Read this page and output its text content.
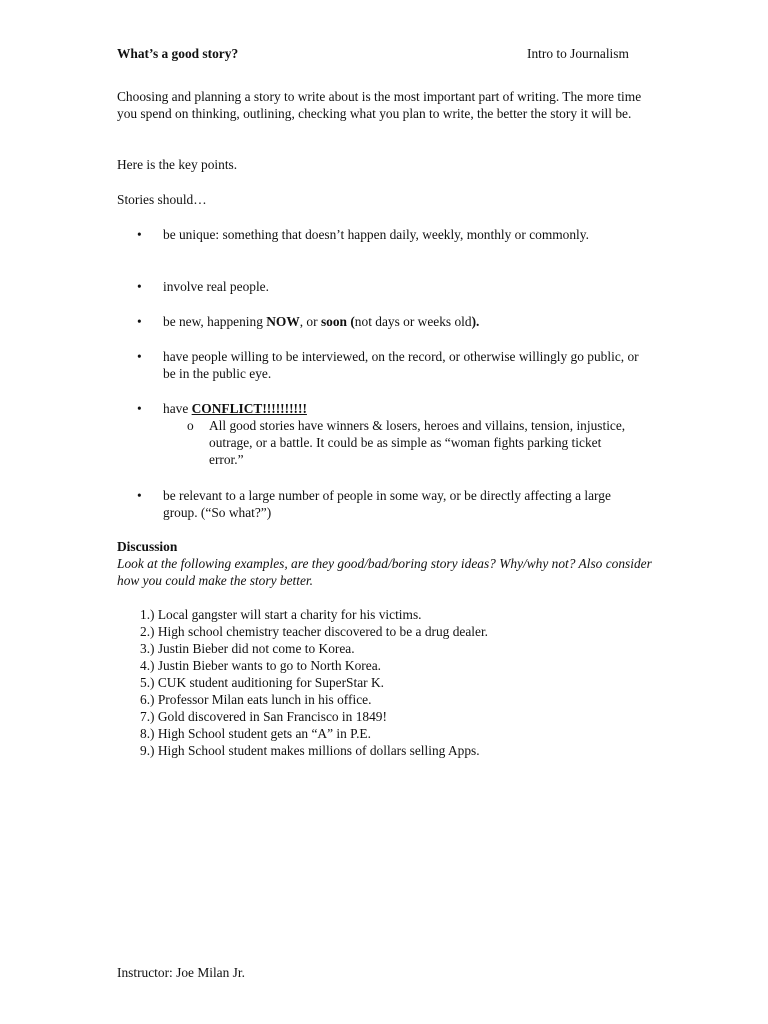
What’s a good story?	Intro to Journalism
Choosing and planning a story to write about is the most important part of writing. The more time you spend on thinking, outlining, checking what you plan to write, the better the story it will be.
Here is the key points.
Stories should…
• be unique: something that doesn’t happen daily, weekly, monthly or commonly.
• involve real people.
• be new, happening NOW, or soon (not days or weeks old).
• have people willing to be interviewed, on the record, or otherwise willingly go public, or be in the public eye.
• have CONFLICT!!!!!!!!!!
o All good stories have winners & losers, heroes and villains, tension, injustice, outrage, or a battle. It could be as simple as “woman fights parking ticket error.”
• be relevant to a large number of people in some way, or be directly affecting a large group. (“So what?”)
Discussion
Look at the following examples, are they good/bad/boring story ideas? Why/why not? Also consider how you could make the story better.
1.) Local gangster will start a charity for his victims.
2.) High school chemistry teacher discovered to be a drug dealer.
3.) Justin Bieber did not come to Korea.
4.) Justin Bieber wants to go to North Korea.
5.) CUK student auditioning for SuperStar K.
6.) Professor Milan eats lunch in his office.
7.) Gold discovered in San Francisco in 1849!
8.) High School student gets an “A” in P.E.
9.) High School student makes millions of dollars selling Apps.
Instructor: Joe Milan Jr.
